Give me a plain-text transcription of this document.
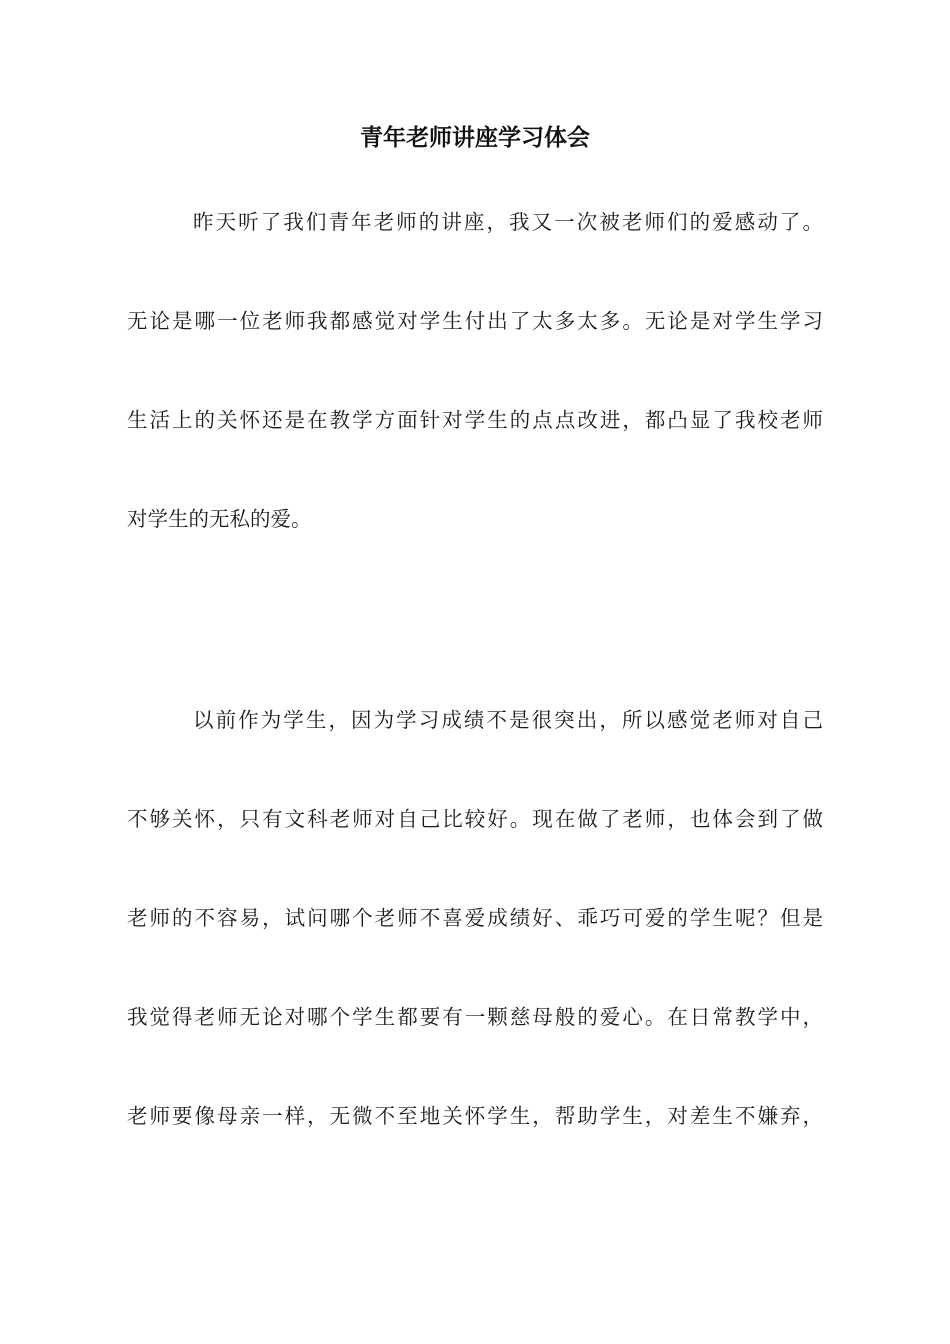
青年老师讲座学习体会
昨天听了我们青年老师的讲座，我又一次被老师们的爱感动了。
无论是哪一位老师我都感觉对学生付出了太多太多。无论是对学生学习
生活上的关怀还是在教学方面针对学生的点点改进，都凸显了我校老师
对学生的无私的爱。
以前作为学生，因为学习成绩不是很突出，所以感觉老师对自己
不够关怀，只有文科老师对自己比较好。现在做了老师，也体会到了做
老师的不容易，试问哪个老师不喜爱成绩好、乖巧可爱的学生呢？但是
我觉得老师无论对哪个学生都要有一颗慈母般的爱心。在日常教学中，
老师要像母亲一样，无微不至地关怀学生，帮助学生，对差生不嫌弃，
